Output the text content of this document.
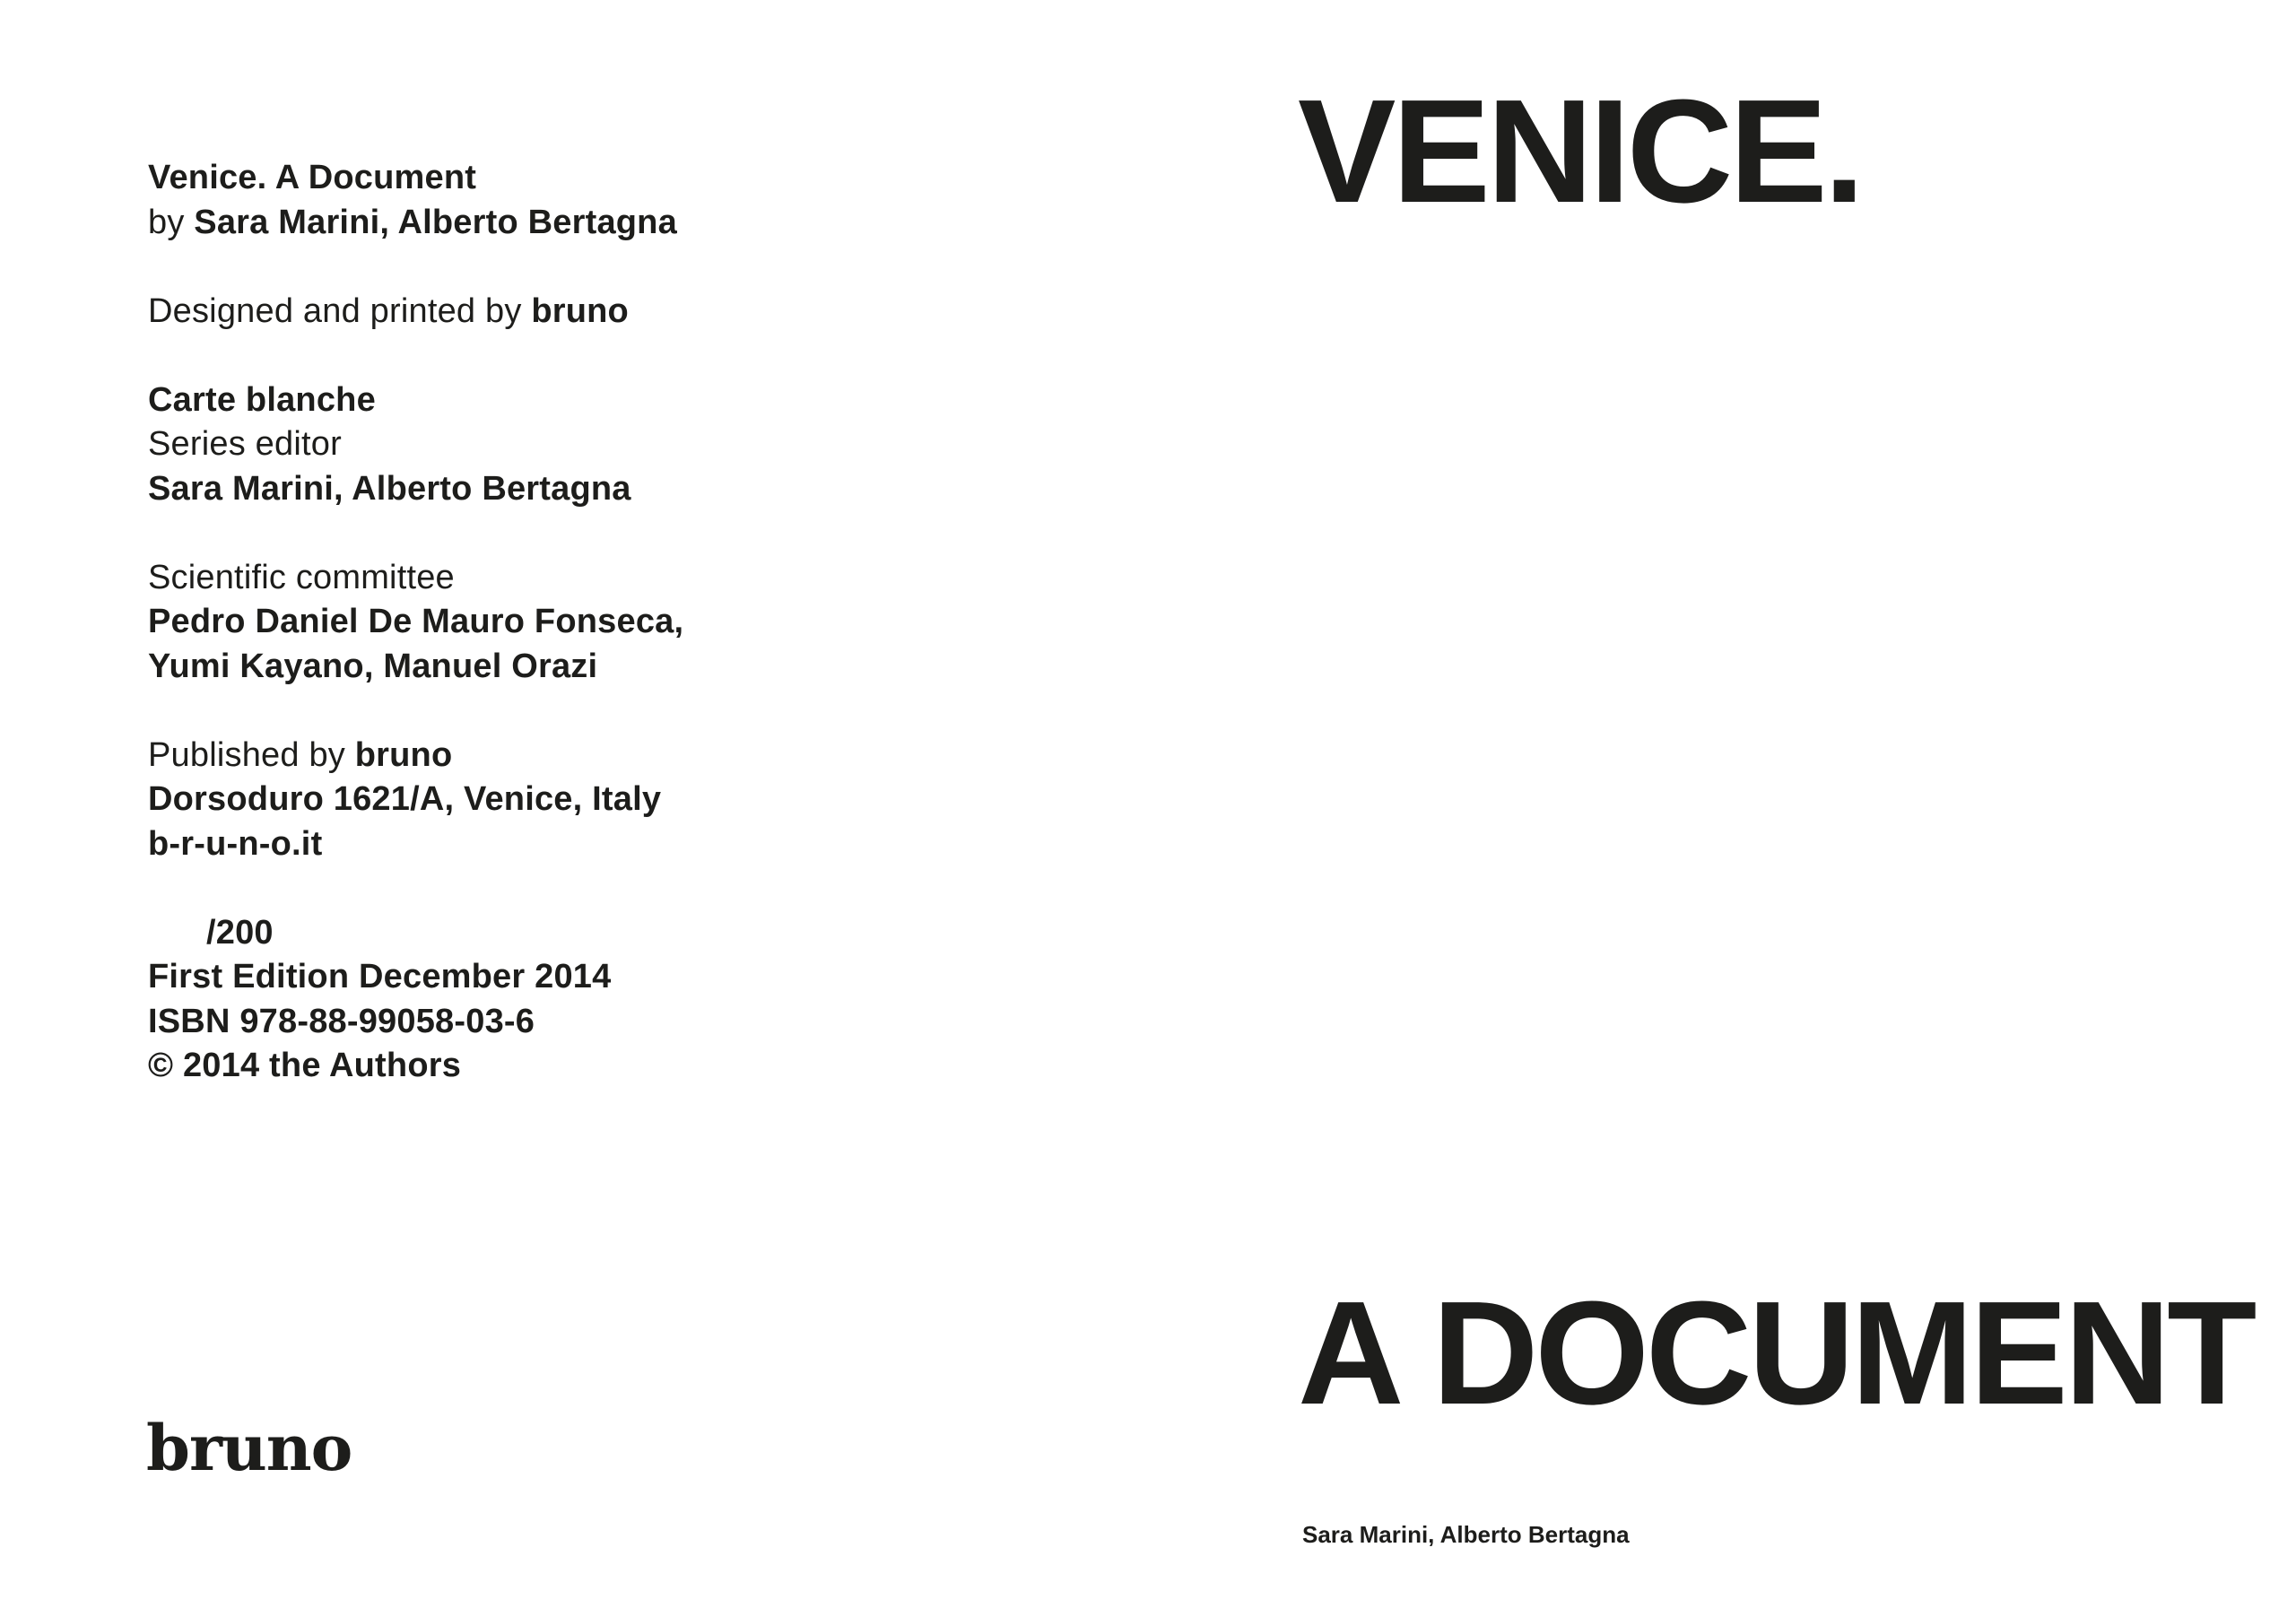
Venice. A Document
by Sara Marini, Alberto Bertagna
Designed and printed by bruno
Carte blanche
Series editor
Sara Marini, Alberto Bertagna
Scientific committee
Pedro Daniel De Mauro Fonseca,
Yumi Kayano, Manuel Orazi
Published by bruno
Dorsoduro 1621/A, Venice, Italy
b-r-u-n-o.it
/200
First Edition December 2014
ISBN 978-88-99058-03-6
© 2014 the Authors
bruno
VENICE.
A DOCUMENT
Sara Marini, Alberto Bertagna
